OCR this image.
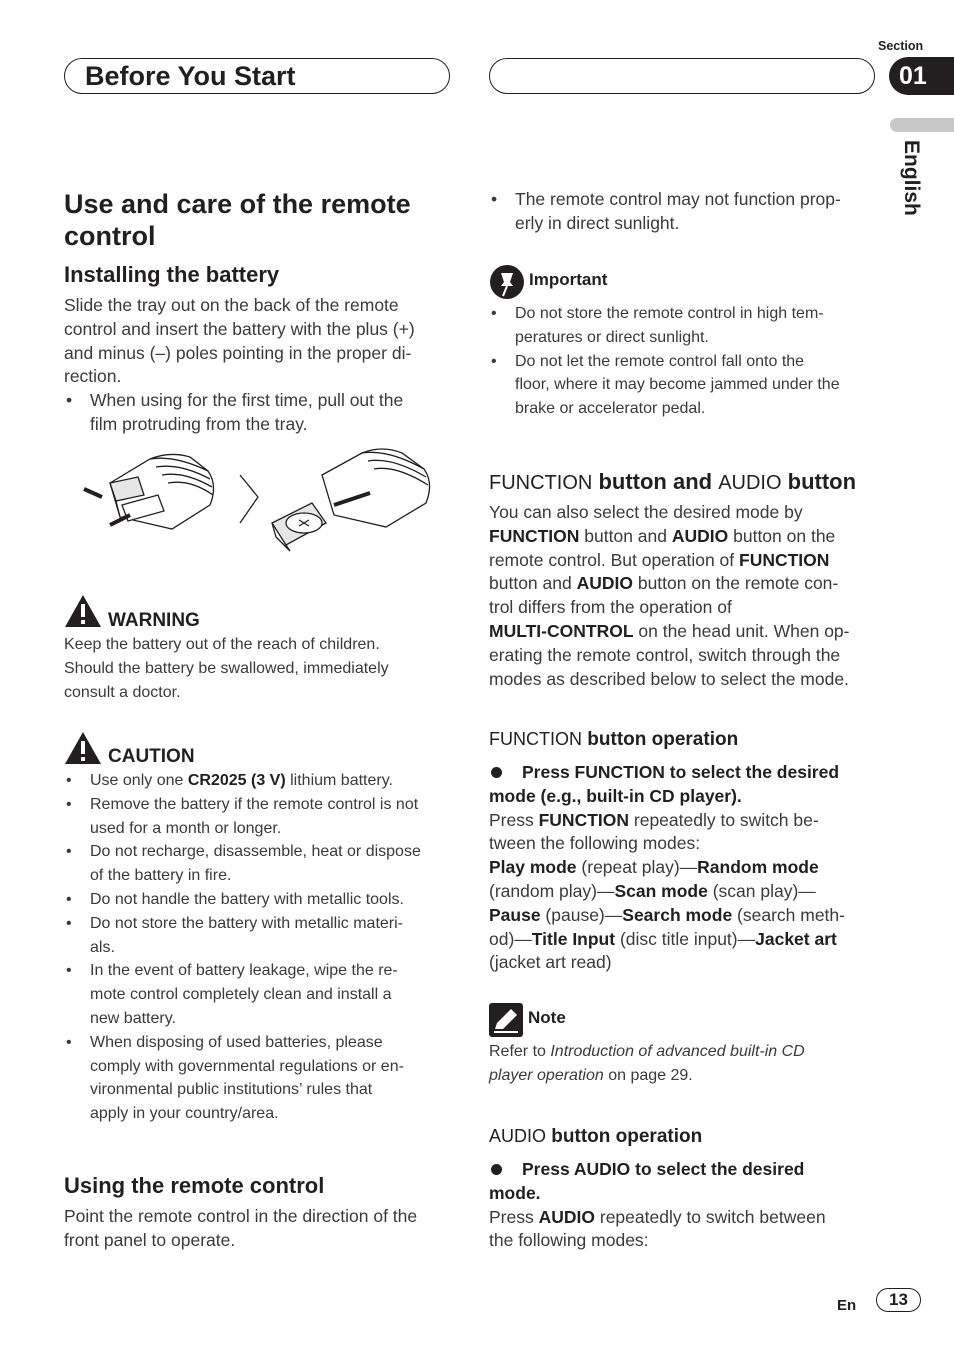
Before You Start
Section
01
English
Use and care of the remote
control
Installing the battery
Slide the tray out on the back of the remote
control and insert the battery with the plus (+)
and minus (–) poles pointing in the proper di-
rection.
• When using for the first time, pull out the
film protruding from the tray.
WARNING
Keep the battery out of the reach of children.
Should the battery be swallowed, immediately
consult a doctor.
CAUTION
• Use only one CR2025 (3 V) lithium battery.
• Remove the battery if the remote control is not
used for a month or longer.
• Do not recharge, disassemble, heat or dispose
of the battery in fire.
• Do not handle the battery with metallic tools.
• Do not store the battery with metallic materi-
als.
• In the event of battery leakage, wipe the re-
mote control completely clean and install a
new battery.
• When disposing of used batteries, please
comply with governmental regulations or en-
vironmental public institutions’ rules that
apply in your country/area.
Using the remote control
Point the remote control in the direction of the
front panel to operate.
• The remote control may not function prop-
erly in direct sunlight.
Important
• Do not store the remote control in high tem-
peratures or direct sunlight.
• Do not let the remote control fall onto the
floor, where it may become jammed under the
brake or accelerator pedal.
FUNCTION button and AUDIO button
You can also select the desired mode by
FUNCTION button and AUDIO button on the
remote control. But operation of FUNCTION
button and AUDIO button on the remote con-
trol differs from the operation of
MULTI-CONTROL on the head unit. When op-
erating the remote control, switch through the
modes as described below to select the mode.
FUNCTION button operation
Press FUNCTION to select the desired
mode (e.g., built-in CD player).
Press FUNCTION repeatedly to switch be-
tween the following modes:
Play mode (repeat play)—Random mode
(random play)—Scan mode (scan play)—
Pause (pause)—Search mode (search meth-
od)—Title Input (disc title input)—Jacket art
(jacket art read)
Note
Refer to Introduction of advanced built-in CD
player operation on page 29.
AUDIO button operation
Press AUDIO to select the desired
mode.
Press AUDIO repeatedly to switch between
the following modes:
En	13
